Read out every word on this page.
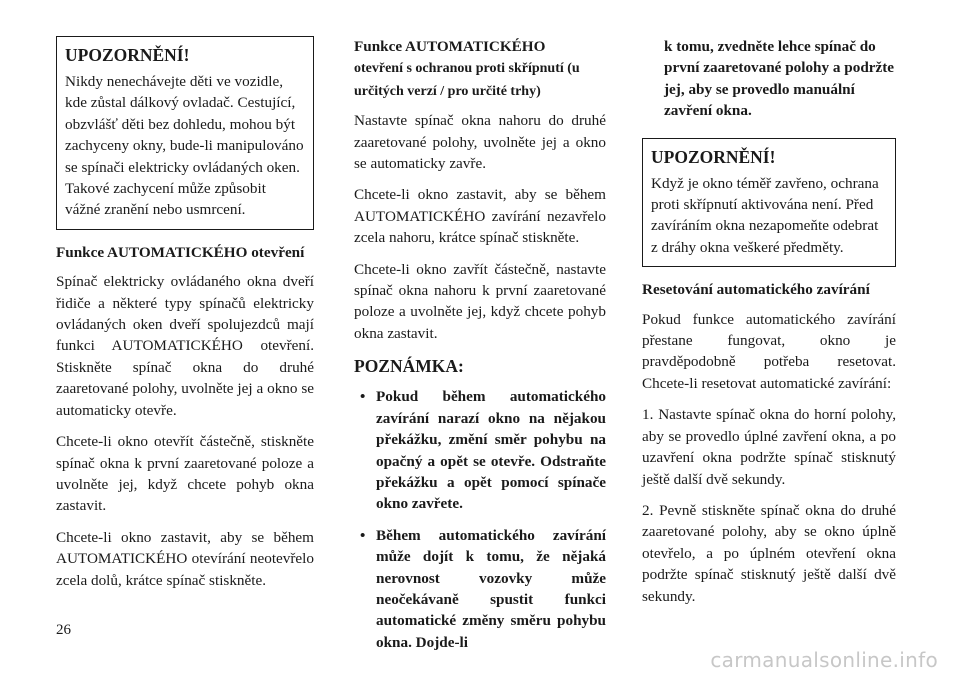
UPOZORNĚNÍ!

Nikdy nenechávejte děti ve vozidle, kde zůstal dálkový ovladač. Cestující, obzvlášť děti bez dohledu, mohou být zachyceny okny, bude-li manipulováno se spínači elektricky ovládaných oken. Takové zachycení může způsobit vážné zranění nebo usmrcení.

Funkce AUTOMATICKÉHO otevření

Spínač elektricky ovládaného okna dveří řidiče a některé typy spínačů elektricky ovládaných oken dveří spolujezdců mají funkci AUTOMATICKÉHO otevření. Stiskněte spínač okna do druhé zaaretované polohy, uvolněte jej a okno se automaticky otevře.

Chcete-li okno otevřít částečně, stiskněte spínač okna k první zaaretované poloze a uvolněte jej, když chcete pohyb okna zastavit.

Chcete-li okno zastavit, aby se během AUTOMATICKÉHO otevírání neotevřelo zcela dolů, krátce spínač stiskněte.

Funkce AUTOMATICKÉHO
otevření s ochranou proti skřípnutí (u určitých verzí / pro určité trhy)

Nastavte spínač okna nahoru do druhé zaaretované polohy, uvolněte jej a okno se automaticky zavře.

Chcete-li okno zastavit, aby se během AUTOMATICKÉHO zavírání nezavřelo zcela nahoru, krátce spínač stiskněte.

Chcete-li okno zavřít částečně, nastavte spínač okna nahoru k první zaaretované poloze a uvolněte jej, když chcete pohyb okna zastavit.

POZNÁMKA:
• Pokud během automatického zavírání narazí okno na nějakou překážku, změní směr pohybu na opačný a opět se otevře. Odstraňte překážku a opět pomocí spínače okno zavřete.
• Během automatického zavírání může dojít k tomu, že nějaká nerovnost vozovky může neočekávaně spustit funkci automatické změny směru pohybu okna. Dojde-li

k tomu, zvedněte lehce spínač do první zaaretované polohy a podržte jej, aby se provedlo manuální zavření okna.

UPOZORNĚNÍ!

Když je okno téměř zavřeno, ochrana proti skřípnutí aktivována není. Před zavíráním okna nezapomeňte odebrat z dráhy okna veškeré předměty.

Resetování automatického zavírání

Pokud funkce automatického zavírání přestane fungovat, okno je pravděpodobně potřeba resetovat. Chcete-li resetovat automatické zavírání:

1. Nastavte spínač okna do horní polohy, aby se provedlo úplné zavření okna, a po uzavření okna podržte spínač stisknutý ještě další dvě sekundy.

2. Pevně stiskněte spínač okna do druhé zaaretované polohy, aby se okno úplně otevřelo, a po úplném otevření okna podržte spínač stisknutý ještě další dvě sekundy.

26
carmanualsonline.info
